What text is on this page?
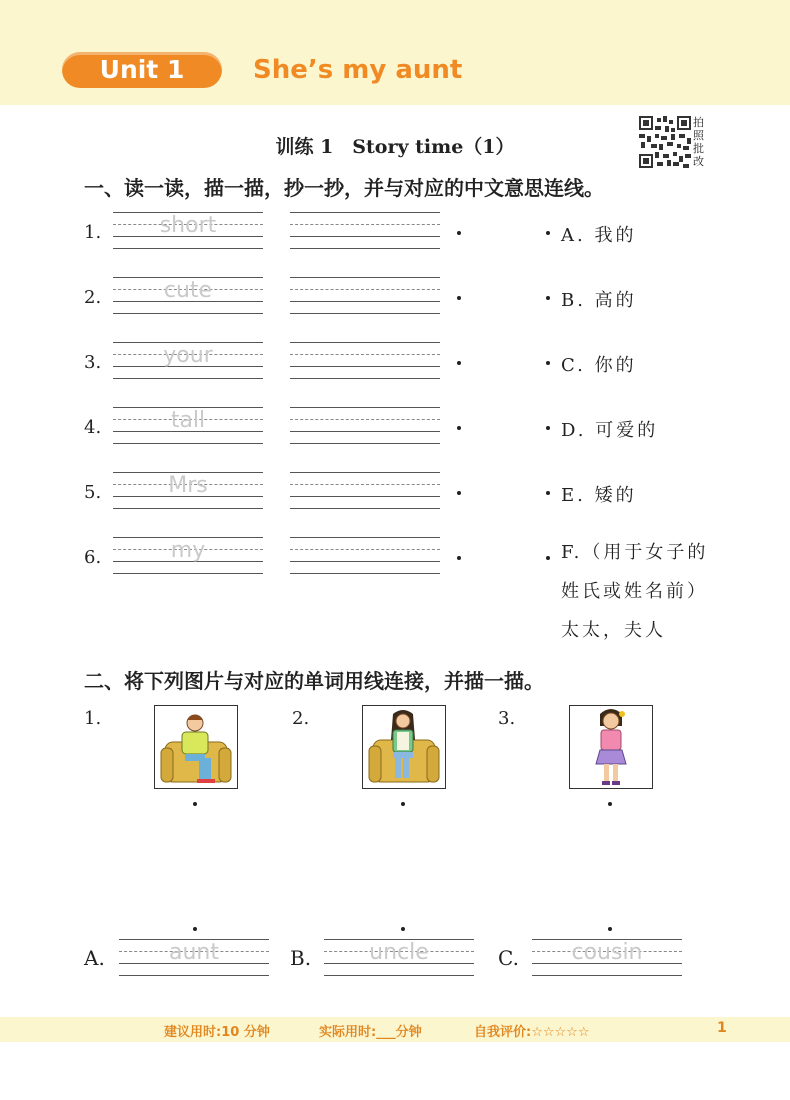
Unit 1	She’s my aunt
训练 1　Story time（1）
拍照批改
一、读一读，描一描，抄一抄，并与对应的中文意思连线。
1.	short	A. 我的
2.	cute	B. 高的
3.	your	C. 你的
4.	tall	D. 可爱的
5.	Mrs	E. 矮的
6.	my	F.（用于女子的姓氏或姓名前）太太，夫人
二、将下列图片与对应的单词用线连接，并描一描。
1.	2.	3.
A.	aunt	B.	uncle	C.	cousin
建议用时:10 分钟	实际用时:___分钟	自我评价:☆☆☆☆☆	1
